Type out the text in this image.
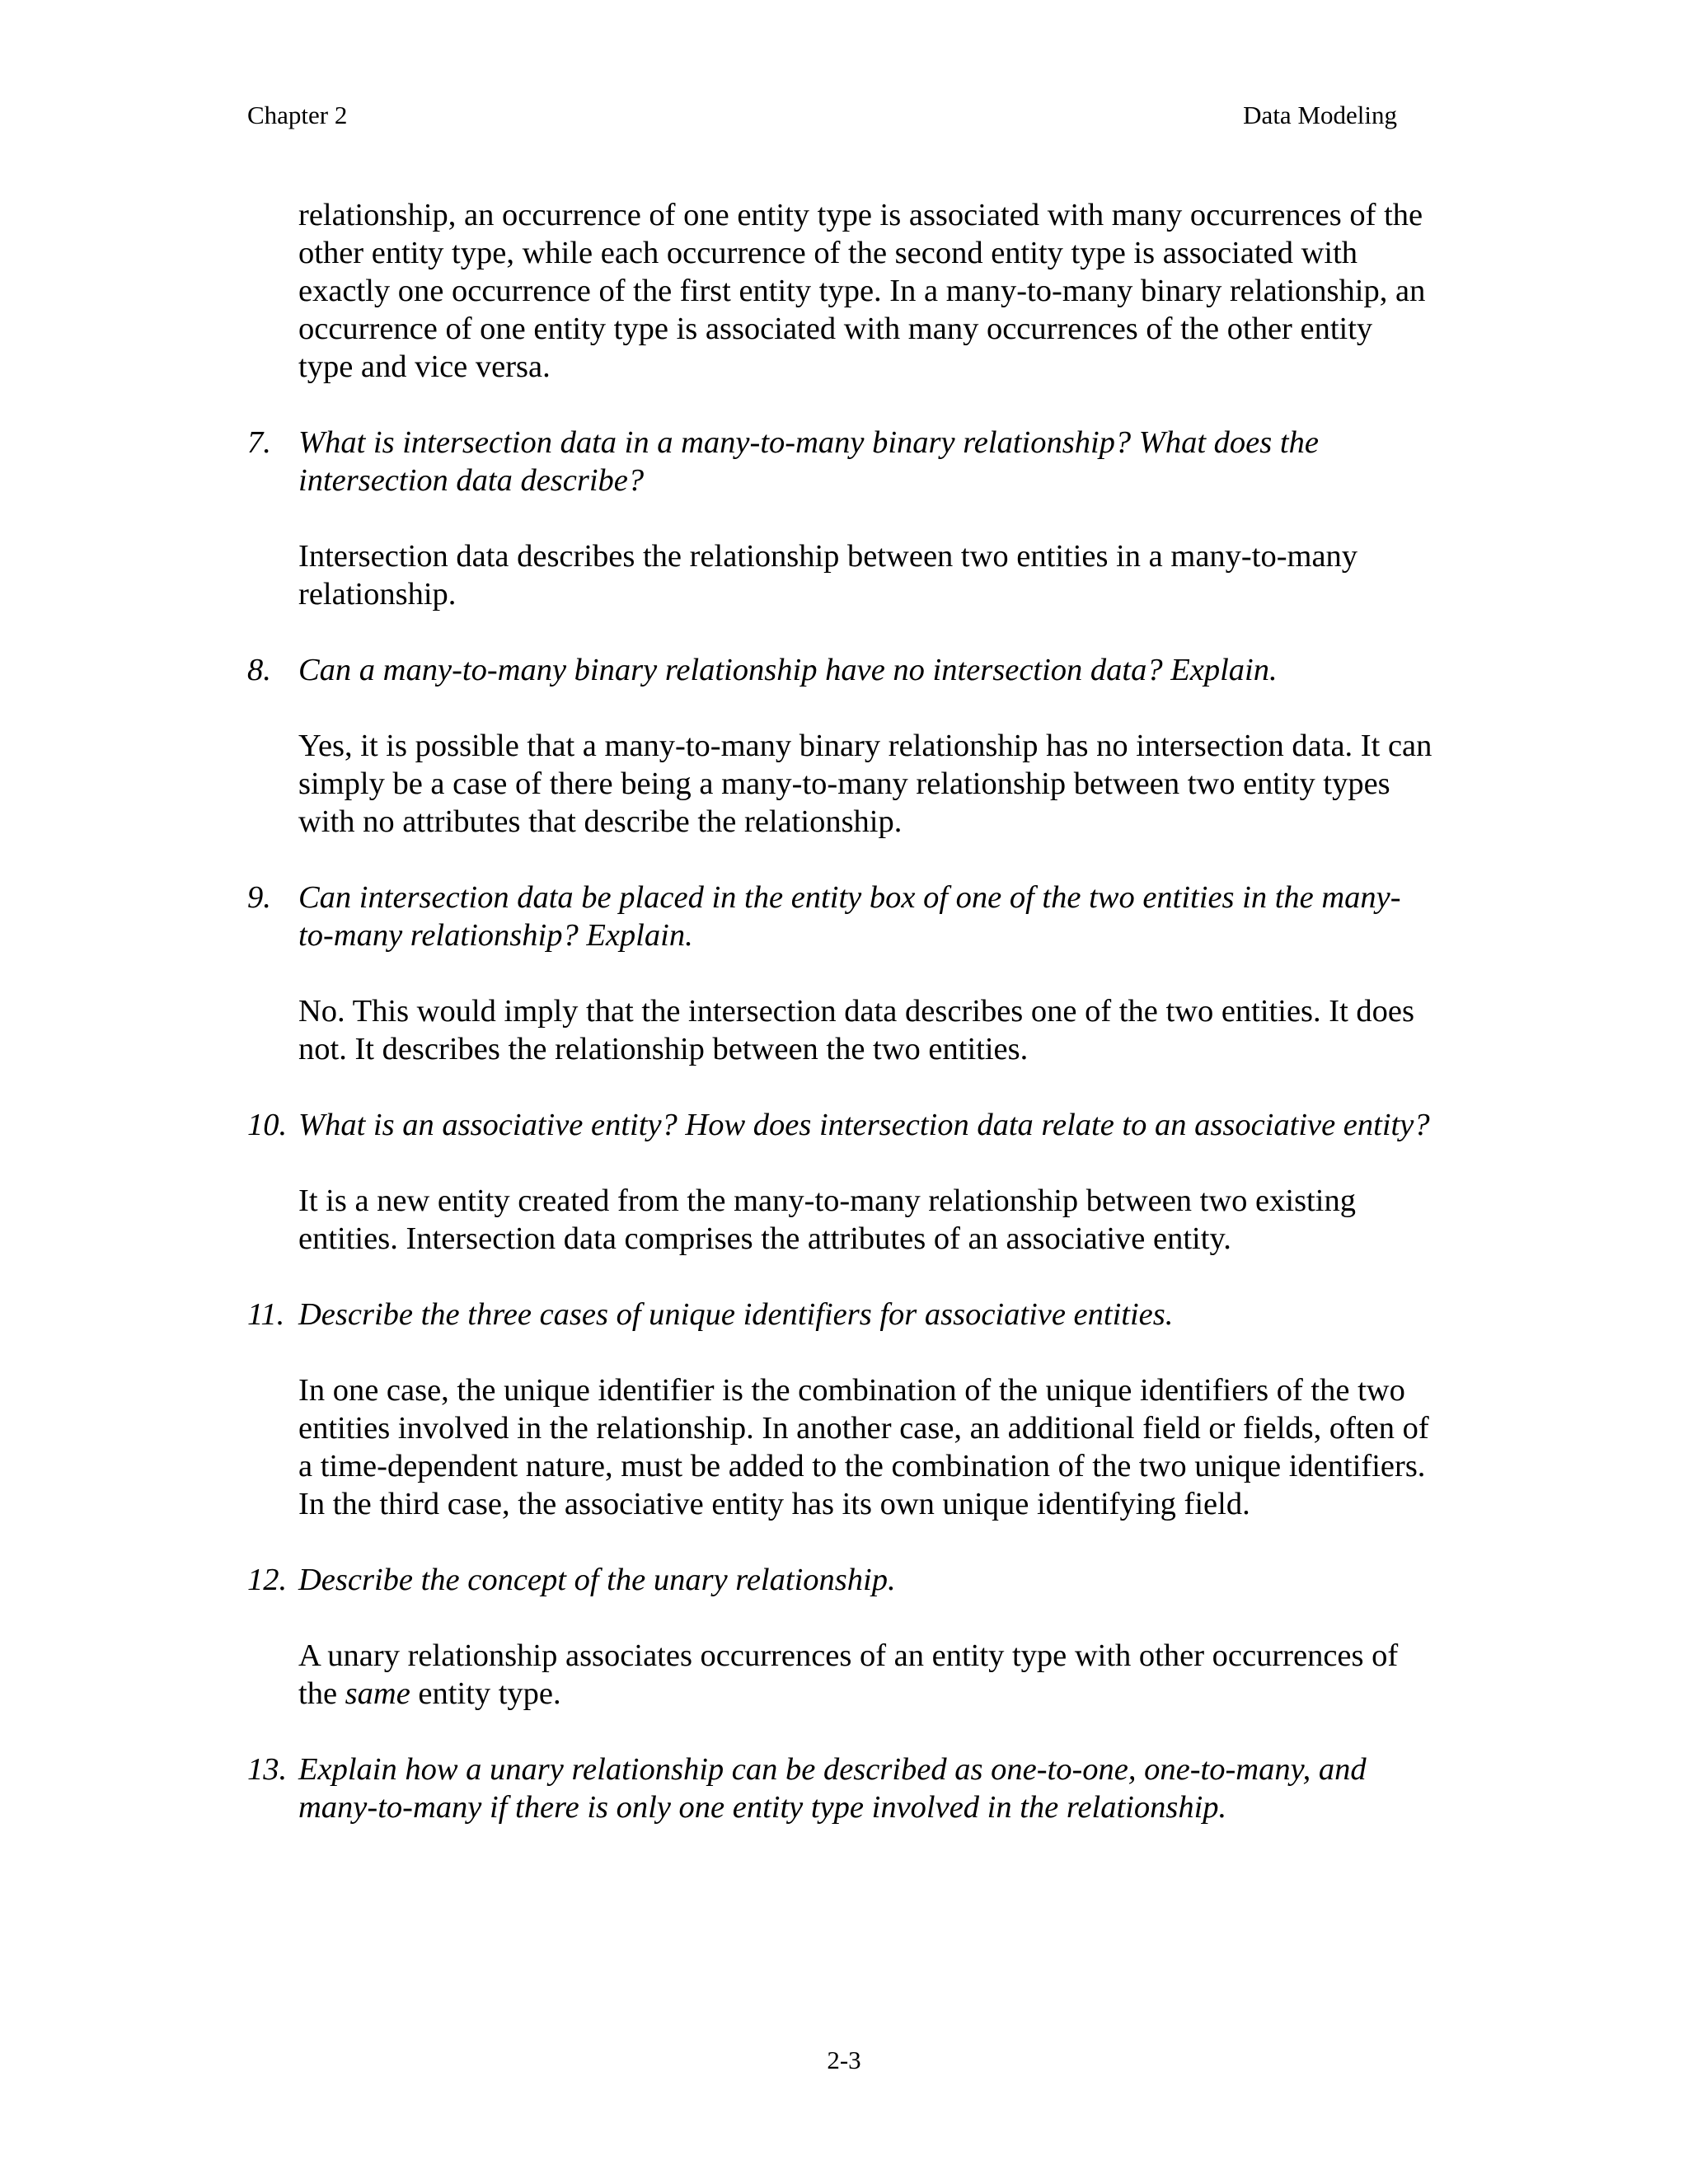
Chapter 2	Data Modeling

relationship, an occurrence of one entity type is associated with many occurrences of the other entity type, while each occurrence of the second entity type is associated with exactly one occurrence of the first entity type. In a many-to-many binary relationship, an occurrence of one entity type is associated with many occurrences of the other entity type and vice versa.

7. What is intersection data in a many-to-many binary relationship? What does the intersection data describe?

Intersection data describes the relationship between two entities in a many-to-many relationship.

8. Can a many-to-many binary relationship have no intersection data? Explain.

Yes, it is possible that a many-to-many binary relationship has no intersection data. It can simply be a case of there being a many-to-many relationship between two entity types with no attributes that describe the relationship.

9. Can intersection data be placed in the entity box of one of the two entities in the many-to-many relationship? Explain.

No. This would imply that the intersection data describes one of the two entities. It does not. It describes the relationship between the two entities.

10. What is an associative entity? How does intersection data relate to an associative entity?

It is a new entity created from the many-to-many relationship between two existing entities. Intersection data comprises the attributes of an associative entity.

11. Describe the three cases of unique identifiers for associative entities.

In one case, the unique identifier is the combination of the unique identifiers of the two entities involved in the relationship. In another case, an additional field or fields, often of a time-dependent nature, must be added to the combination of the two unique identifiers. In the third case, the associative entity has its own unique identifying field.

12. Describe the concept of the unary relationship.

A unary relationship associates occurrences of an entity type with other occurrences of the same entity type.

13. Explain how a unary relationship can be described as one-to-one, one-to-many, and many-to-many if there is only one entity type involved in the relationship.
2-3
